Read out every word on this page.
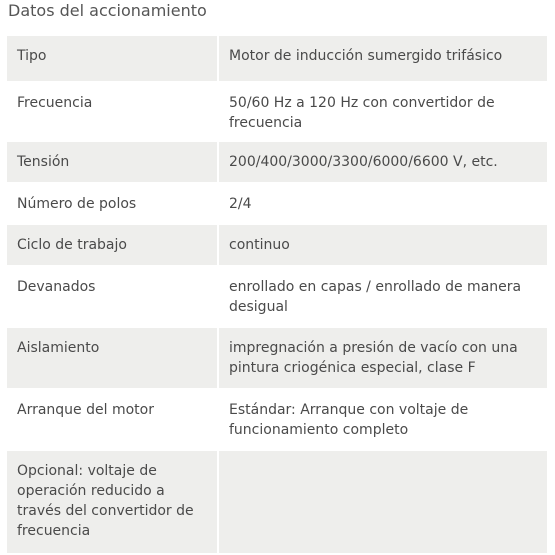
Datos del accionamiento
Tipo	Motor de inducción sumergido trifásico
Frecuencia	50/60 Hz a 120 Hz con convertidor de frecuencia
Tensión	200/400/3000/3300/6000/6600 V, etc.
Número de polos	2/4
Ciclo de trabajo	continuo
Devanados	enrollado en capas / enrollado de manera desigual
Aislamiento	impregnación a presión de vacío con una pintura criogénica especial, clase F
Arranque del motor	Estándar: Arranque con voltaje de funcionamiento completo
Opcional: voltaje de operación reducido a través del convertidor de frecuencia
